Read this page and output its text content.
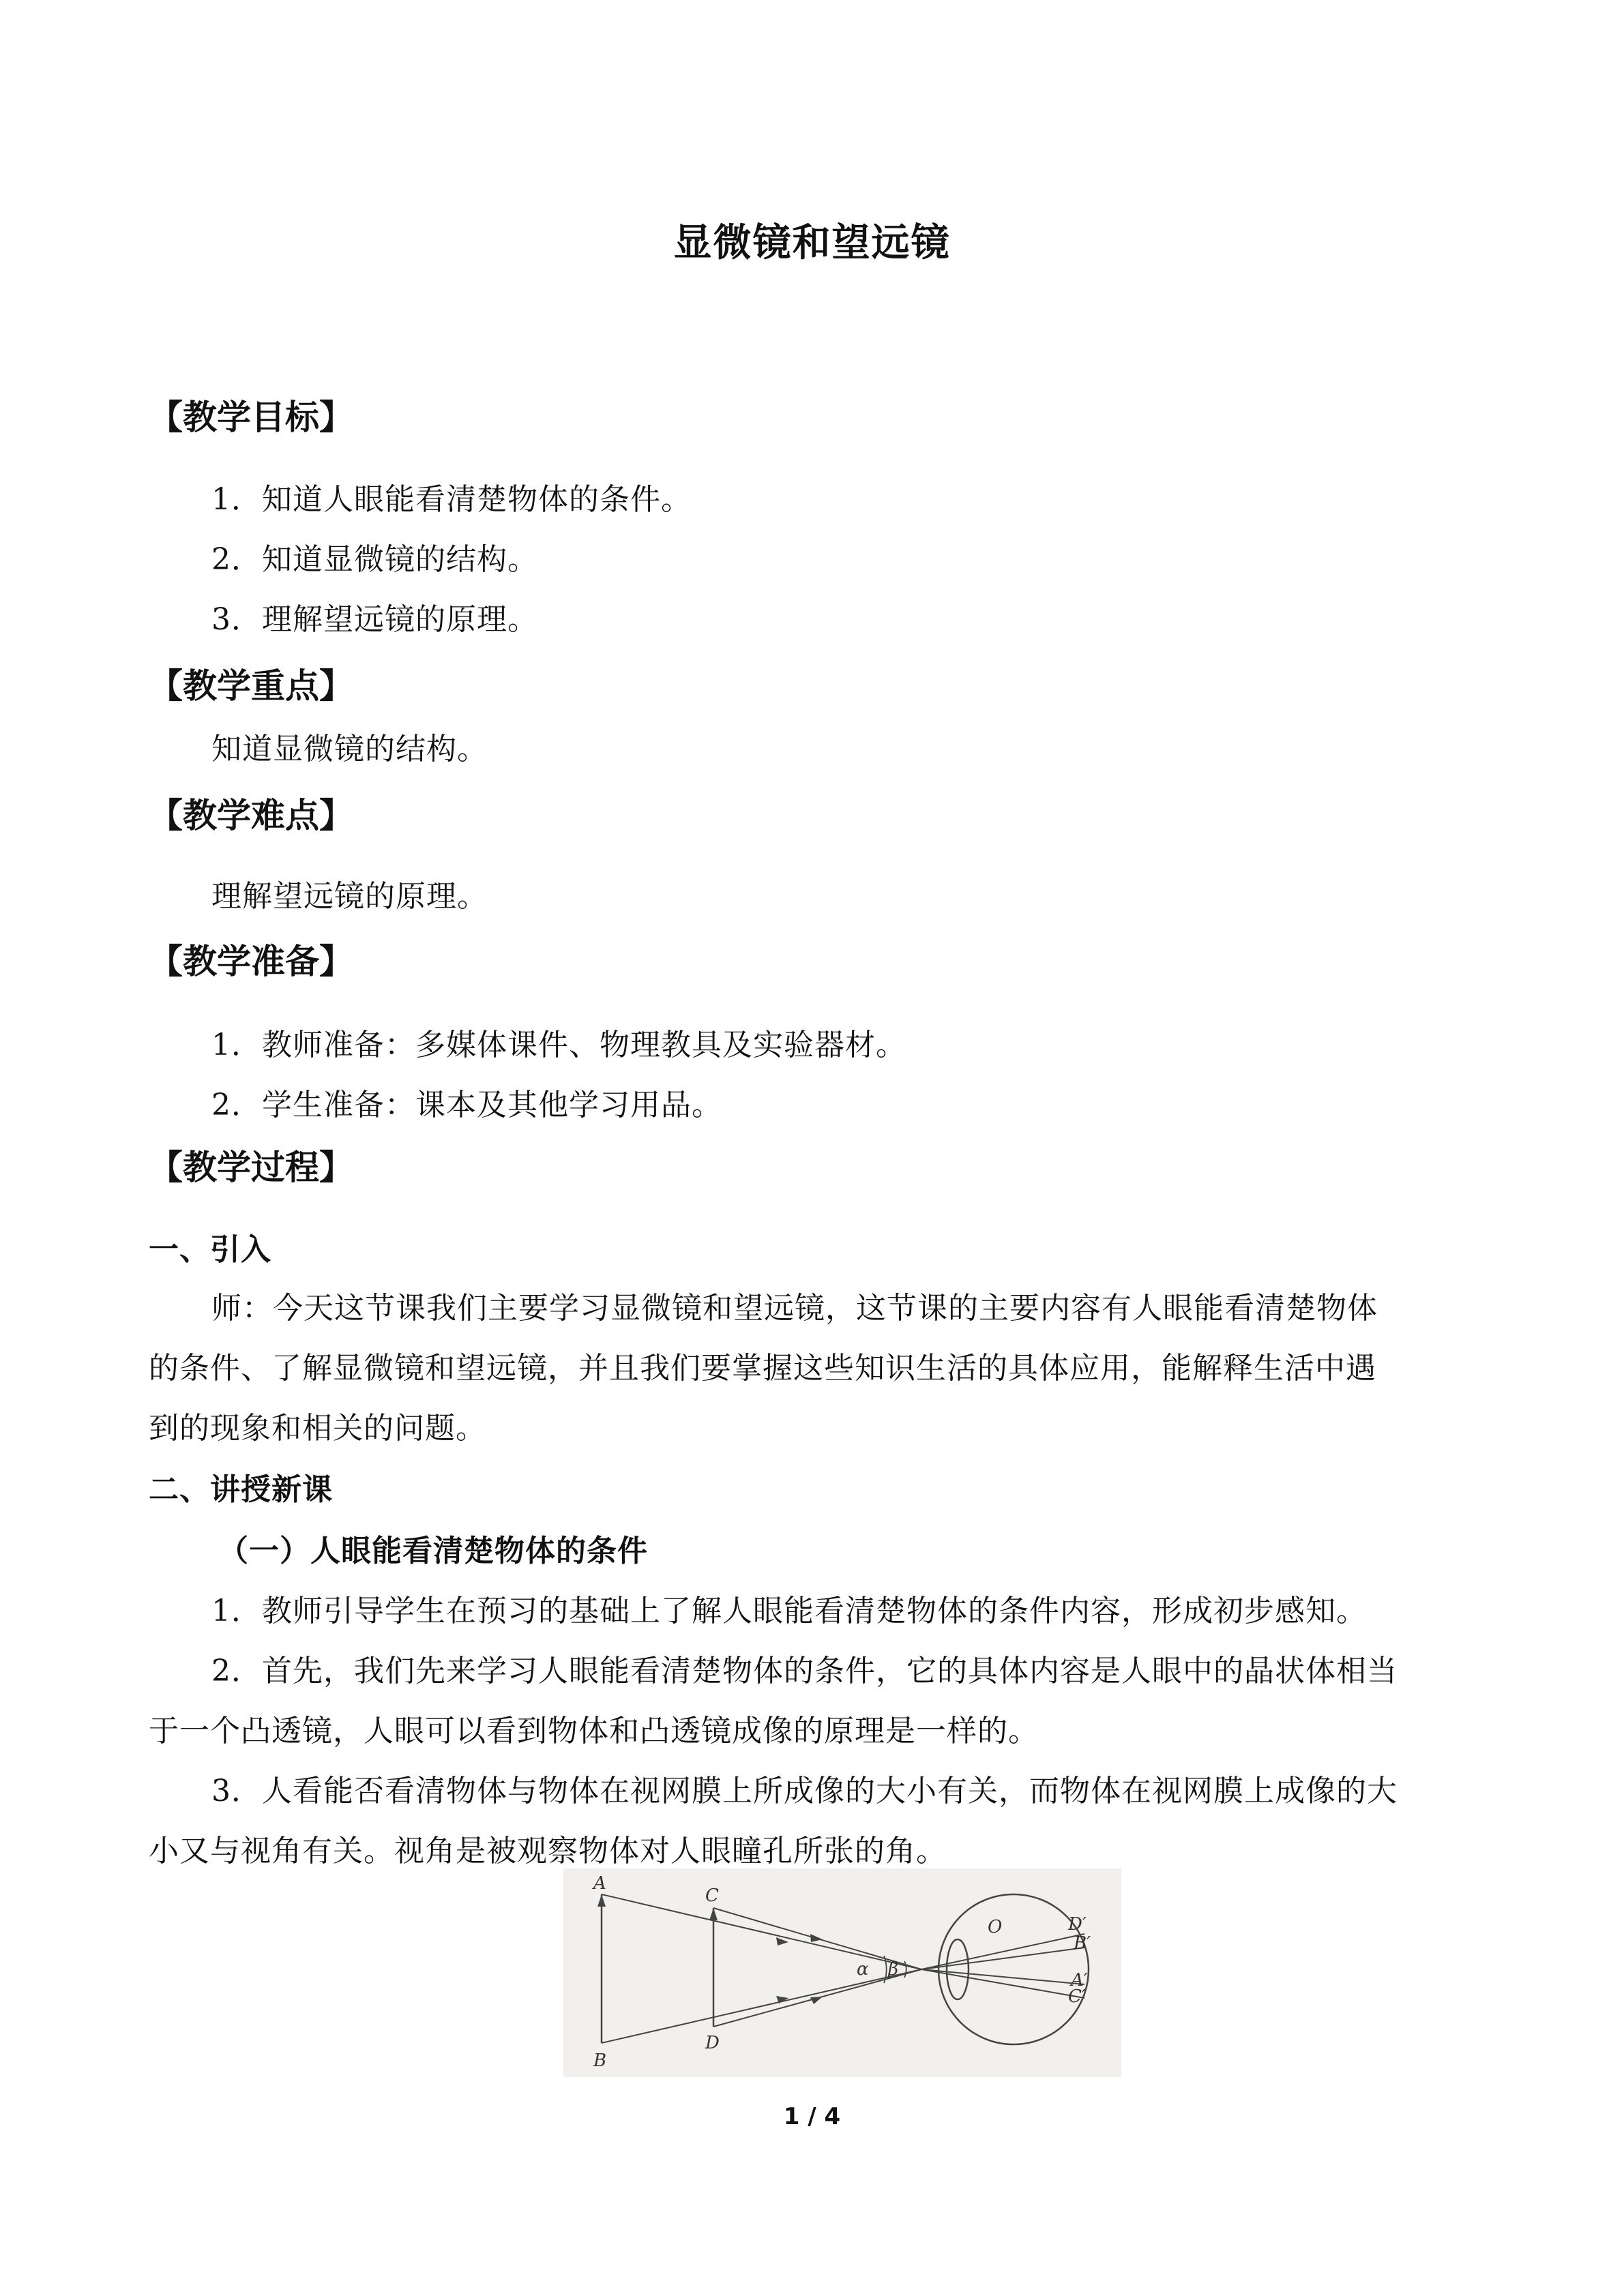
显微镜和望远镜
【教学目标】
1．知道人眼能看清楚物体的条件。
2．知道显微镜的结构。
3．理解望远镜的原理。
【教学重点】
知道显微镜的结构。
【教学难点】
理解望远镜的原理。
【教学准备】
1．教师准备：多媒体课件、物理教具及实验器材。
2．学生准备：课本及其他学习用品。
【教学过程】
一、引入
师：今天这节课我们主要学习显微镜和望远镜，这节课的主要内容有人眼能看清楚物体
的条件、了解显微镜和望远镜，并且我们要掌握这些知识生活的具体应用，能解释生活中遇
到的现象和相关的问题。
二、讲授新课
（一）人眼能看清楚物体的条件
1．教师引导学生在预习的基础上了解人眼能看清楚物体的条件内容，形成初步感知。
2．首先，我们先来学习人眼能看清楚物体的条件，它的具体内容是人眼中的晶状体相当
于一个凸透镜，人眼可以看到物体和凸透镜成像的原理是一样的。
3．人看能否看清物体与物体在视网膜上所成像的大小有关，而物体在视网膜上成像的大
小又与视角有关。视角是被观察物体对人眼瞳孔所张的角。
A
B
C
D
O
α β
D′
B′
A′
C′
1 / 4
